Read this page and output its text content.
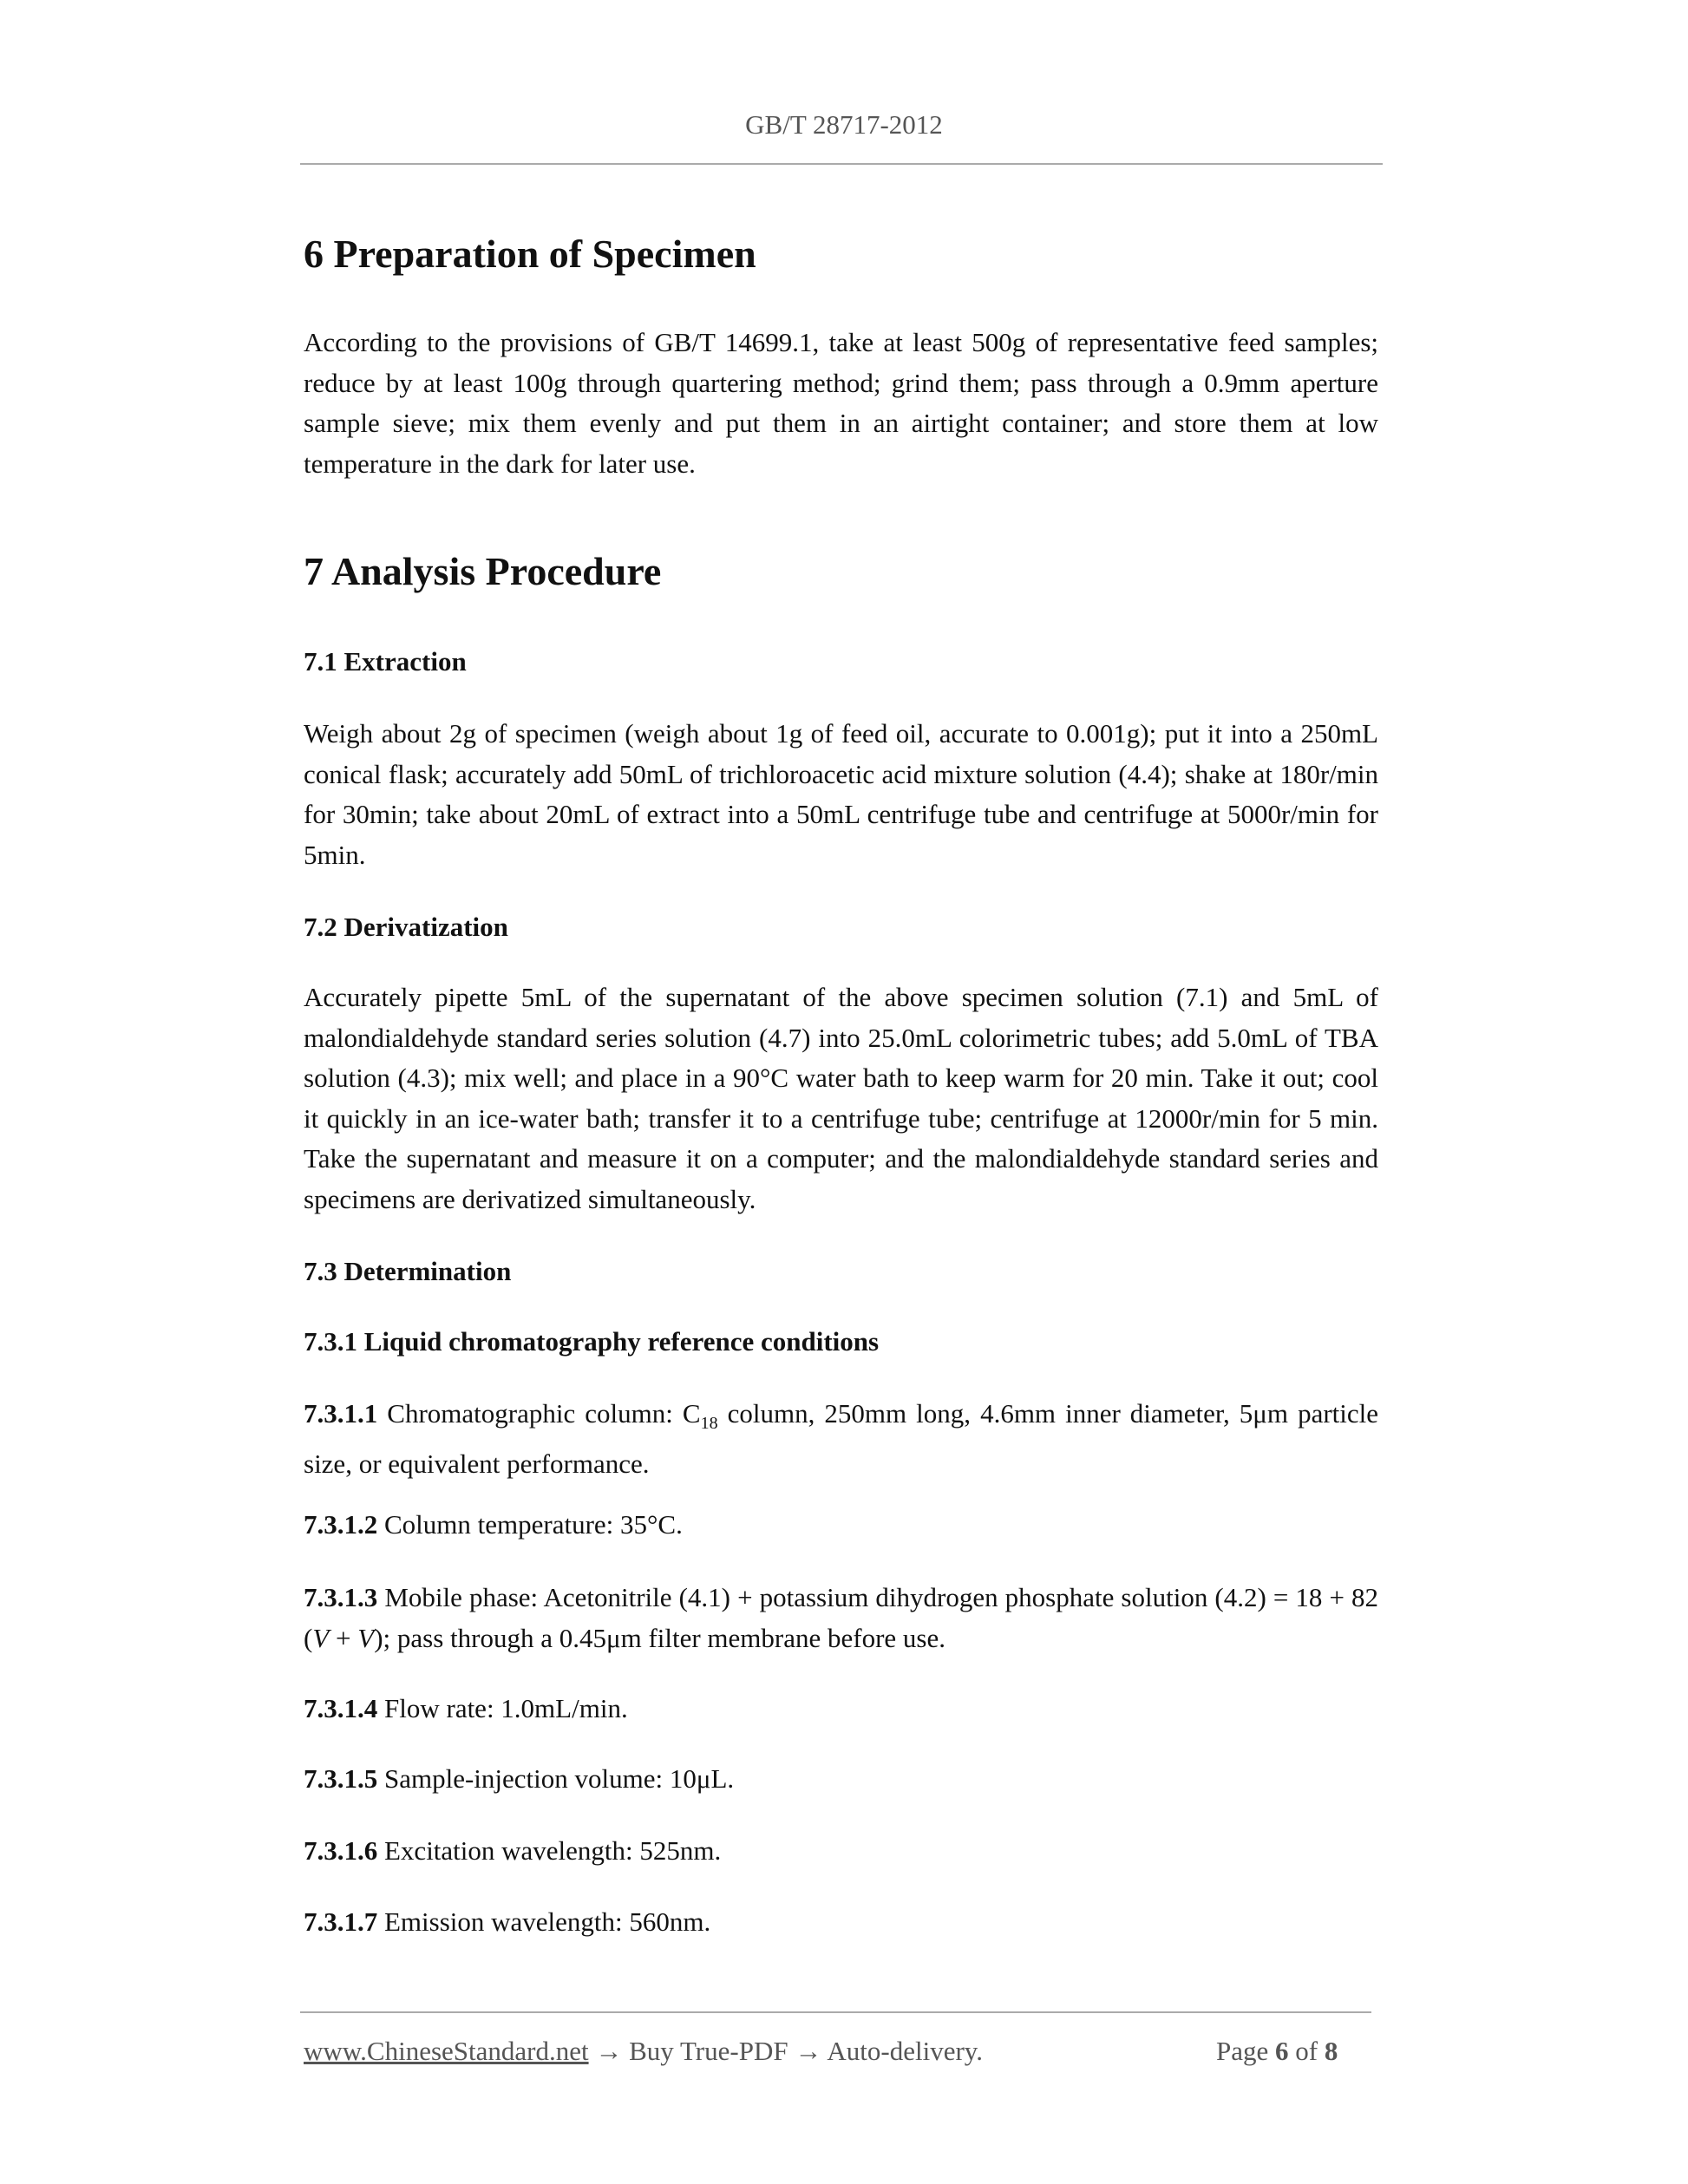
GB/T 28717-2012
6 Preparation of Specimen
According to the provisions of GB/T 14699.1, take at least 500g of representative feed samples; reduce by at least 100g through quartering method; grind them; pass through a 0.9mm aperture sample sieve; mix them evenly and put them in an airtight container; and store them at low temperature in the dark for later use.
7 Analysis Procedure
7.1 Extraction
Weigh about 2g of specimen (weigh about 1g of feed oil, accurate to 0.001g); put it into a 250mL conical flask; accurately add 50mL of trichloroacetic acid mixture solution (4.4); shake at 180r/min for 30min; take about 20mL of extract into a 50mL centrifuge tube and centrifuge at 5000r/min for 5min.
7.2 Derivatization
Accurately pipette 5mL of the supernatant of the above specimen solution (7.1) and 5mL of malondialdehyde standard series solution (4.7) into 25.0mL colorimetric tubes; add 5.0mL of TBA solution (4.3); mix well; and place in a 90°C water bath to keep warm for 20 min. Take it out; cool it quickly in an ice-water bath; transfer it to a centrifuge tube; centrifuge at 12000r/min for 5 min. Take the supernatant and measure it on a computer; and the malondialdehyde standard series and specimens are derivatized simultaneously.
7.3 Determination
7.3.1 Liquid chromatography reference conditions
7.3.1.1 Chromatographic column: $C_{18}$ column, 250mm long, 4.6mm inner diameter, 5μm particle size, or equivalent performance.
7.3.1.2 Column temperature: 35°C.
7.3.1.3 Mobile phase: Acetonitrile (4.1) + potassium dihydrogen phosphate solution (4.2) = 18 + 82 (V + V); pass through a 0.45μm filter membrane before use.
7.3.1.4 Flow rate: 1.0mL/min.
7.3.1.5 Sample-injection volume: 10μL.
7.3.1.6 Excitation wavelength: 525nm.
7.3.1.7 Emission wavelength: 560nm.
www.ChineseStandard.net → Buy True-PDF → Auto-delivery.	Page 6 of 8
